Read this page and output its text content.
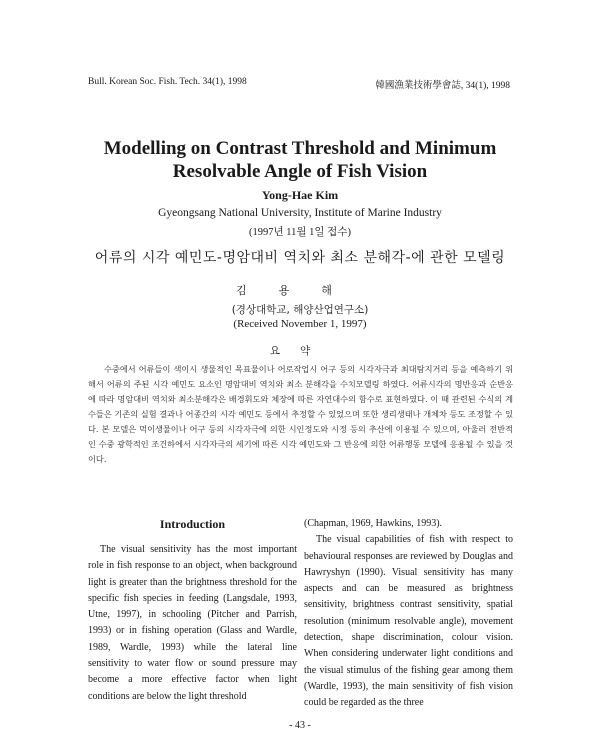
Bull. Korean Soc. Fish. Tech. 34(1), 1998	韓國漁業技術學會誌, 34(1), 1998
Modelling on Contrast Threshold and Minimum
Resolvable Angle of Fish Vision
Yong-Hae Kim
Gyeongsang National University, Institute of Marine Industry
(1997년 11월 1일 접수)
어류의 시각 예민도-명암대비 역치와 최소 분해각-에 관한 모델링
김용해
(경상대학교, 해양산업연구소)
(Received November 1, 1997)
요약
수중에서 어류들이 색이시 생물적인 목표물이나 어로작업시 어구 등의 시각자극과 최대탐지거리 등을 예측하기 위해서 어류의 주된 시각 예민도 요소인 명암대비 역치와 최소 분해각을 수치모델링 하였다. 어류시각의 명반응과 순반응에 따라 명암대비 역치와 최소분해각은 배경휘도와 체장에 따른 자연대수의 함수로 표현하였다. 이 때 관련된 수식의 계수들은 기존의 실험 결과나 어종간의 시각 예민도 등에서 추정할 수 있었으며 또한 생리생태나 개체차 등도 조정할 수 있다. 본 모델은 먹이생물이나 어구 등의 시각자극에 의한 시인정도와 시정 등의 추산에 이용될 수 있으며, 아울러 전반적인 수중 광학적인 조건하에서 시각자극의 세기에 따른 시각 예민도와 그 반응에 의한 어류행동 모델에 응용될 수 있을 것이다.
Introduction

The visual sensitivity has the most important role in fish response to an object, when background light is greater than the brightness threshold for the specific fish species in feeding (Langsdale, 1993, Utne, 1997), in schooling (Pitcher and Parrish, 1993) or in fishing operation (Glass and Wardle, 1989, Wardle, 1993) while the lateral line sensitivity to water flow or sound pressure may become a more effective factor when light conditions are below the light threshold

(Chapman, 1969, Hawkins, 1993).

The visual capabilities of fish with respect to behavioural responses are reviewed by Douglas and Hawryshyn (1990). Visual sensitivity has many aspects and can be measured as brightness sensitivity, brightness contrast sensitivity, spatial resolution (minimum resolvable angle), movement detection, shape discrimination, colour vision. When considering underwater light conditions and the visual stimulus of the fishing gear among them (Wardle, 1993), the main sensitivity of fish vision could be regarded as the three

- 43 -
